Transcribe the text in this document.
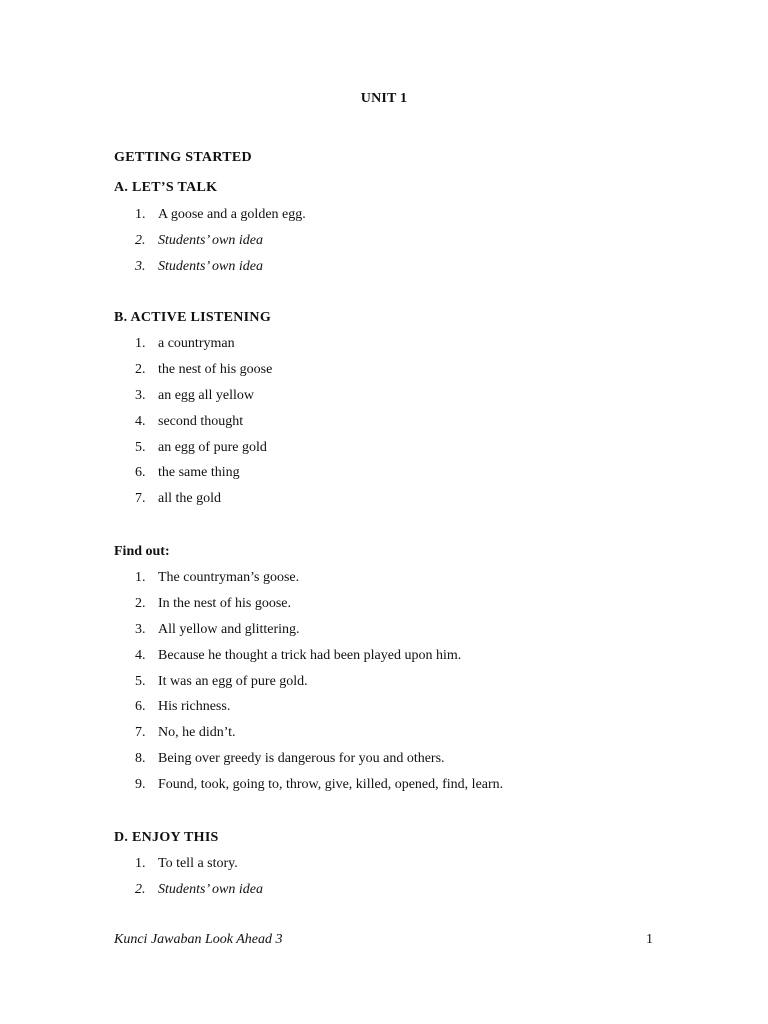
UNIT 1
GETTING STARTED
A. LET’S TALK
1. A goose and a golden egg.
2. Students’ own idea
3. Students’ own idea
B. ACTIVE LISTENING
1. a countryman
2. the nest of his goose
3. an egg all yellow
4. second thought
5. an egg of pure gold
6. the same thing
7. all the gold
Find out:
1. The countryman’s goose.
2. In the nest of his goose.
3. All yellow and glittering.
4. Because he thought a trick had been played upon him.
5. It was an egg of pure gold.
6. His richness.
7. No, he didn’t.
8. Being over greedy is dangerous for you and others.
9. Found, took, going to, throw, give, killed, opened, find, learn.
D. ENJOY THIS
1. To tell a story.
2. Students’ own idea
Kunci Jawaban Look Ahead 3	1
